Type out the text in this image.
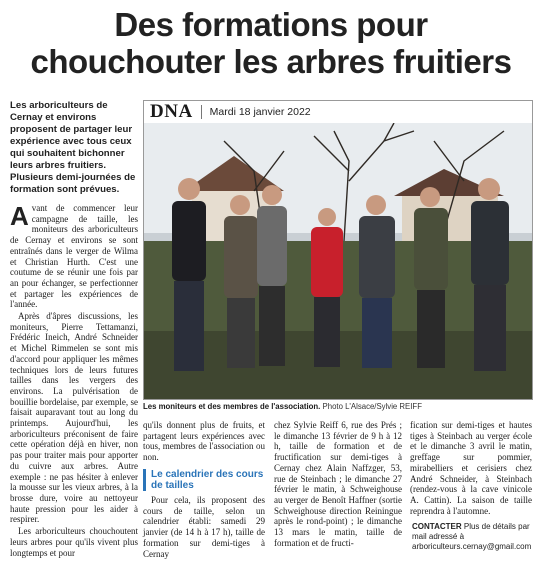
Des formations pour
chouchouter les arbres fruitiers

Les arboriculteurs de Cernay et environs proposent de partager leur expérience avec tous ceux qui souhaitent bichonner leurs arbres fruitiers. Plusieurs demi-journées de formation sont prévues.

Avant de commencer leur campagne de taille, les moniteurs des arboriculteurs de Cernay et environs se sont entraînés dans le verger de Wilma et Christian Hurth. C'est une coutume de se réunir une fois par an pour échanger, se perfectionner et partager les expériences de l'année.

Après d'âpres discussions, les moniteurs, Pierre Tettamanzi, Frédéric Ineich, André Schneider et Michel Rimmelen se sont mis d'accord pour appliquer les mêmes techniques lors de leurs futures tailles dans les vergers des environs. La pulvérisation de bouillie bordelaise, par exemple, se faisait auparavant tout au long du printemps. Aujourd'hui, les arboriculteurs préconisent de faire cette opération déjà en hiver, non pas pour traiter mais pour apporter du cuivre aux arbres. Autre exemple : ne pas hésiter à enlever la mousse sur les vieux arbres, à la brosse dure, voire au nettoyeur haute pression pour les aider à respirer.

Les arboriculteurs chouchoutent leurs arbres pour qu'ils vivent plus longtemps et pour

DNA Mardi 18 janvier 2022
Les moniteurs et des membres de l'association. Photo L'Alsace/Sylvie REIFF

qu'ils donnent plus de fruits, et partagent leurs expériences avec tous, membres de l'association ou non.

Le calendrier des cours de tailles

Pour cela, ils proposent des cours de taille, selon un calendrier établi: samedi 29 janvier (de 14 h à 17 h), taille de formation sur demi-tiges à Cernay

chez Sylvie Reiff 6, rue des Prés ; le dimanche 13 février de 9 h à 12 h, taille de formation et de fructification sur demi-tiges à Cernay chez Alain Naffzger, 53, rue de Steinbach ; le dimanche 27 février le matin, à Schweighouse au verger de Benoît Haffner (sortie Schweighouse direction Reiningue après le rond-point) ; le dimanche 13 mars le matin, taille de formation et de fructi-

fication sur demi-tiges et hautes tiges à Steinbach au verger école et le dimanche 3 avril le matin, greffage sur pommier, mirabelliers et cerisiers chez André Schneider, à Steinbach (rendez-vous à la cave vinicole A. Cattin). La saison de taille reprendra à l'automne.

CONTACTER Plus de détails par mail adressé à arboriculteurs.cernay@gmail.com
